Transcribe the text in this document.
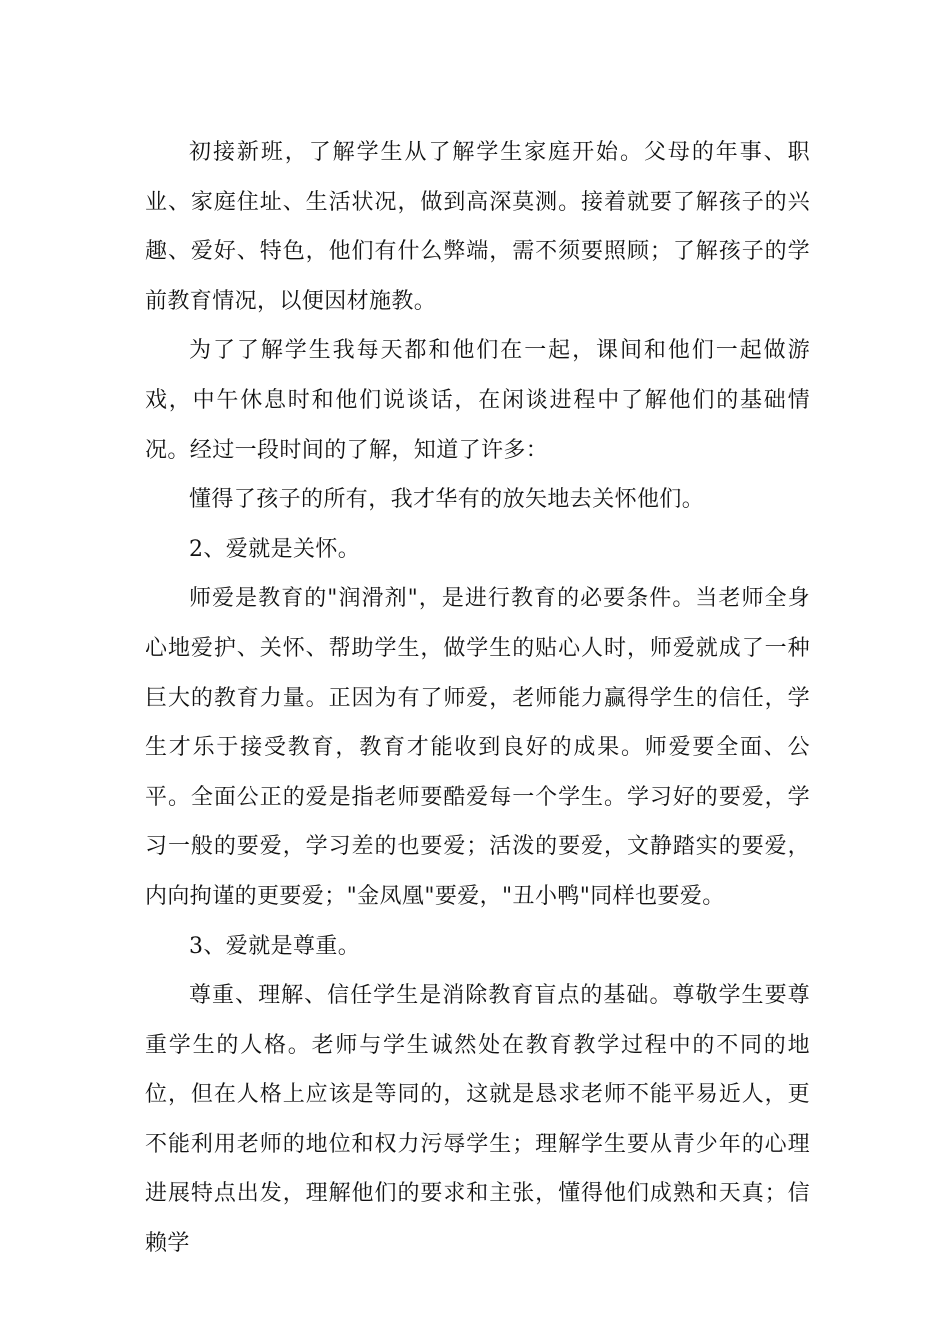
初接新班，了解学生从了解学生家庭开始。父母的年事、职业、家庭住址、生活状况，做到高深莫测。接着就要了解孩子的兴趣、爱好、特色，他们有什么弊端，需不须要照顾；了解孩子的学前教育情况，以便因材施教。

为了了解学生我每天都和他们在一起，课间和他们一起做游戏，中午休息时和他们说谈话，在闲谈进程中了解他们的基础情况。经过一段时间的了解，知道了许多：

懂得了孩子的所有，我才华有的放矢地去关怀他们。

2、爱就是关怀。

师爱是教育的"润滑剂"，是进行教育的必要条件。当老师全身心地爱护、关怀、帮助学生，做学生的贴心人时，师爱就成了一种巨大的教育力量。正因为有了师爱，老师能力赢得学生的信任，学生才乐于接受教育，教育才能收到良好的成果。师爱要全面、公平。全面公正的爱是指老师要酷爱每一个学生。学习好的要爱，学习一般的要爱，学习差的也要爱；活泼的要爱，文静踏实的要爱，内向拘谨的更要爱；"金凤凰"要爱，"丑小鸭"同样也要爱。

3、爱就是尊重。

尊重、理解、信任学生是消除教育盲点的基础。尊敬学生要尊重学生的人格。老师与学生诚然处在教育教学过程中的不同的地位，但在人格上应该是等同的，这就是恳求老师不能平易近人，更不能利用老师的地位和权力污辱学生；理解学生要从青少年的心理进展特点出发，理解他们的要求和主张，懂得他们成熟和天真；信赖学
